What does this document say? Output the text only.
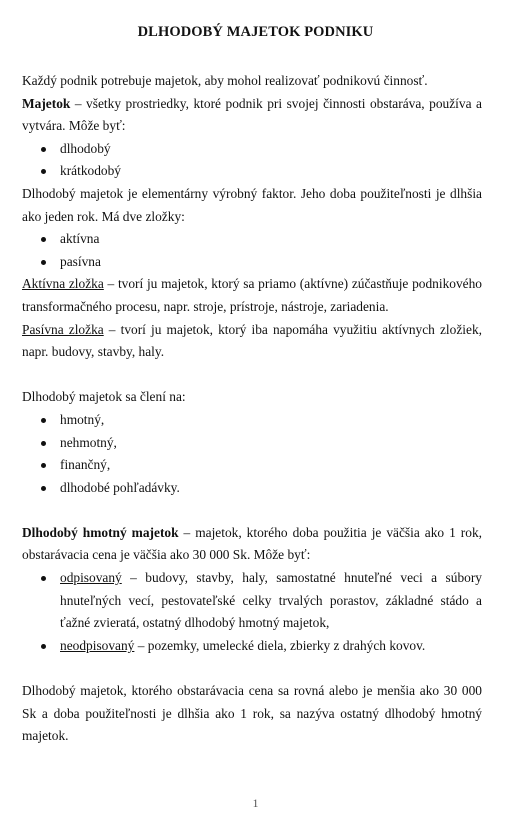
DLHODOBÝ MAJETOK PODNIKU

Každý podnik potrebuje majetok, aby mohol realizovať podnikovú činnosť.

Majetok – všetky prostriedky, ktoré podnik pri svojej činnosti obstaráva, používa a vytvára. Môže byť:

dlhodobý
krátkodobý

Dlhodobý majetok je elementárny výrobný faktor. Jeho doba použiteľnosti je dlhšia ako jeden rok. Má dve zložky:

aktívna
pasívna

Aktívna zložka – tvorí ju majetok, ktorý sa priamo (aktívne) zúčastňuje podnikového transformačného procesu, napr. stroje, prístroje, nástroje, zariadenia.

Pasívna zložka – tvorí ju majetok, ktorý iba napomáha využitiu aktívnych zložiek, napr. budovy, stavby, haly.

Dlhodobý majetok sa člení na:

hmotný,
nehmotný,
finančný,
dlhodobé pohľadávky.

Dlhodobý hmotný majetok – majetok, ktorého doba použitia je väčšia ako 1 rok, obstarávacia cena je väčšia ako 30 000 Sk. Môže byť:

odpisovaný – budovy, stavby, haly, samostatné hnuteľné veci a súbory hnuteľných vecí, pestovateľské celky trvalých porastov, základné stádo a ťažné zvieratá, ostatný dlhodobý hmotný majetok,
neodpisovaný – pozemky, umelecké diela, zbierky z drahých kovov.

Dlhodobý majetok, ktorého obstarávacia cena sa rovná alebo je menšia ako 30 000 Sk a doba použiteľnosti je dlhšia ako 1 rok, sa nazýva ostatný dlhodobý hmotný majetok.

1
